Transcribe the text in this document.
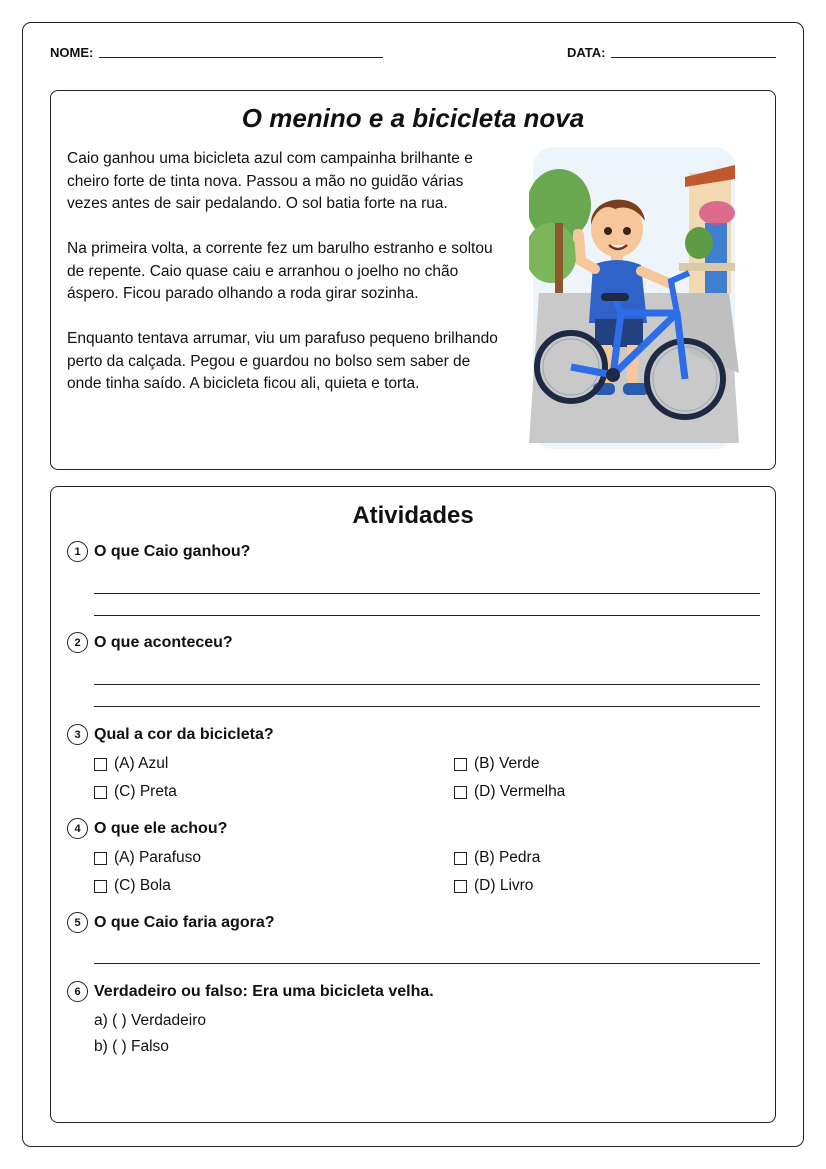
NOME:	DATA:
O menino e a bicicleta nova

Caio ganhou uma bicicleta azul com campainha brilhante e cheiro forte de tinta nova. Passou a mão no guidão várias vezes antes de sair pedalando. O sol batia forte na rua.

Na primeira volta, a corrente fez um barulho estranho e soltou de repente. Caio quase caiu e arranhou o joelho no chão áspero. Ficou parado olhando a roda girar sozinha.

Enquanto tentava arrumar, viu um parafuso pequeno brilhando perto da calçada. Pegou e guardou no bolso sem saber de onde tinha saído. A bicicleta ficou ali, quieta e torta.

Atividades
1 O que Caio ganhou?
2 O que aconteceu?
3 Qual a cor da bicicleta?
(A) Azul	(B) Verde
(C) Preta	(D) Vermelha
4 O que ele achou?
(A) Parafuso	(B) Pedra
(C) Bola	(D) Livro
5 O que Caio faria agora?
6 Verdadeiro ou falso: Era uma bicicleta velha.
a) ( ) Verdadeiro
b) ( ) Falso
